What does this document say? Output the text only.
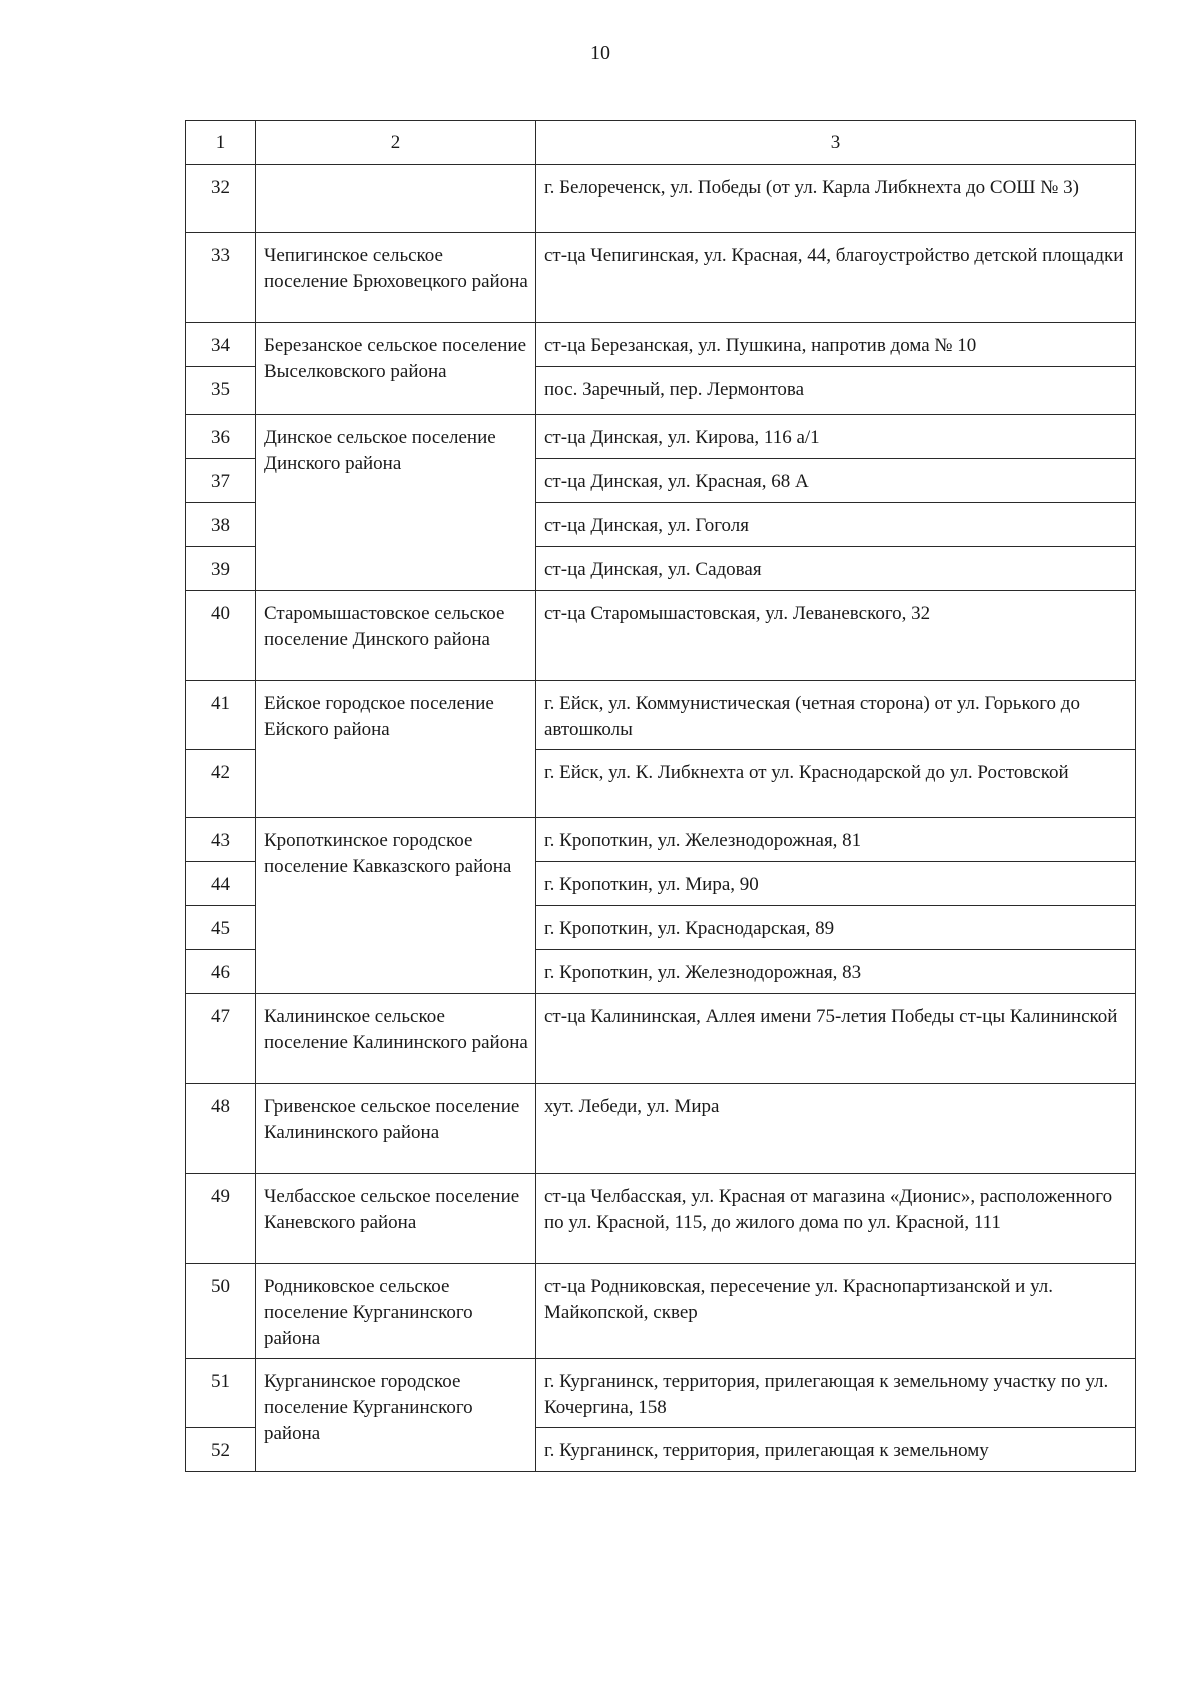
10
1	2	3
32		г. Белореченск, ул. Победы (от ул. Карла Либкнехта до СОШ № 3)
33	Чепигинское сельское поселение Брюховецкого района	ст-ца Чепигинская, ул. Красная, 44, благоустройство детской площадки
34	Березанское сельское поселение Выселковского района	ст-ца Березанская, ул. Пушкина, напротив дома № 10
35		пос. Заречный, пер. Лермонтова
36	Динское сельское поселение Динского района	ст-ца Динская, ул. Кирова, 116 а/1
37		ст-ца Динская, ул. Красная, 68 А
38		ст-ца Динская, ул. Гоголя
39		ст-ца Динская, ул. Садовая
40	Старомышастовское сельское поселение Динского района	ст-ца Старомышастовская, ул. Леваневского, 32
41	Ейское городское поселение Ейского района	г. Ейск, ул. Коммунистическая (четная сторона) от ул. Горького до автошколы
42		г. Ейск, ул. К. Либкнехта от ул. Краснодарской до ул. Ростовской
43	Кропоткинское городское поселение Кавказского района	г. Кропоткин, ул. Железнодорожная, 81
44		г. Кропоткин, ул. Мира, 90
45		г. Кропоткин, ул. Краснодарская, 89
46		г. Кропоткин, ул. Железнодорожная, 83
47	Калининское сельское поселение Калининского района	ст-ца Калининская, Аллея имени 75-летия Победы ст-цы Калининской
48	Гривенское сельское поселение Калининского района	хут. Лебеди, ул. Мира
49	Челбасское сельское поселение Каневского района	ст-ца Челбасская, ул. Красная от магазина «Дионис», расположенного по ул. Красной, 115, до жилого дома по ул. Красной, 111
50	Родниковское сельское поселение Курганинского района	ст-ца Родниковская, пересечение ул. Краснопартизанской и ул. Майкопской, сквер
51	Курганинское городское поселение Курганинского района	г. Курганинск, территория, прилегающая к земельному участку по ул. Кочергина, 158
52		г. Курганинск, территория, прилегающая к земельному
